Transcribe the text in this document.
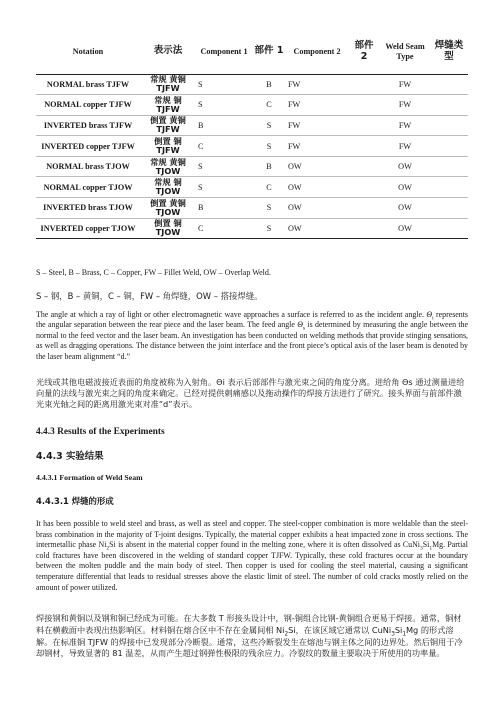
Notation	表示法	Component 1	部件 1	Component 2	部件 2	Weld Seam Type	焊缝类型
NORMAL brass TJFW	常规 黄铜 TJFW	S	B	FW		FW	
NORMAL copper TJFW	常规 铜 TJFW	S	C	FW		FW	
INVERTED brass TJFW	倒置 黄铜 TJFW	B	S	FW		FW	
INVERTED copper TJFW	倒置 铜 TJFW	C	S	FW		FW	
NORMAL brass TJOW	常规 黄铜 TJOW	S	B	OW		OW	
NORMAL copper TJOW	常规 铜 TJOW	S	C	OW		OW	
INVERTED brass TJOW	倒置 黄铜 TJOW	B	S	OW		OW	
INVERTED copper TJOW	倒置 铜 TJOW	C	S	OW		OW	

S – Steel, B – Brass, C – Copper, FW – Fillet Weld, OW – Overlap Weld.

S – 钢，B – 黄铜，C – 铜，FW – 角焊缝，OW – 搭接焊缝。

The angle at which a ray of light or other electromagnetic wave approaches a surface is referred to as the incident angle. $\Theta_i$ represents the angular separation between the rear piece and the laser beam. The feed angle $\Theta_s$ is determined by measuring the angle between the normal to the feed vector and the laser beam. An investigation has been conducted on welding methods that provide stinging sensations, as well as dragging operations. The distance between the joint interface and the front piece’s optical axis of the laser beam is denoted by the laser beam alignment “d.”

光线或其他电磁波接近表面的角度被称为入射角。Θi 表示后部部件与激光束之间的角度分离。进给角 Θs 通过测量进给向量的法线与激光束之间的角度来确定。已经对提供刺痛感以及拖动操作的焊接方法进行了研究。接头界面与前部件激光束光轴之间的距离用激光束对准“d”表示。

4.4.3 Results of the Experiments

4.4.3 实验结果

4.4.3.1 Formation of Weld Seam

4.4.3.1 焊缝的形成

It has been possible to weld steel and brass, as well as steel and copper. The steel-copper combination is more weldable than the steel-brass combination in the majority of T-joint designs. Typically, the material copper exhibits a heat impacted zone in cross sections. The intermetallic phase $Ni_2Si$ is absent in the material copper found in the melting zone, where it is often dissolved as $CuNi_3Si_1Mg$. Partial cold fractures have been discovered in the welding of standard copper TJFW. Typically, these cold fractures occur at the boundary between the molten puddle and the main body of steel. Then copper is used for cooling the steel material, causing a significant temperature differential that leads to residual stresses above the elastic limit of steel. The number of cold cracks mostly relied on the amount of power utilized.

焊接钢和黄铜以及钢和铜已经成为可能。在大多数 T 形接头设计中，钢-铜组合比钢-黄铜组合更易于焊接。通常，铜材料在横截面中表现出热影响区。材料铜在熔合区中不存在金属间相 $Ni_2Si$，在该区域它通常以 $CuNi_3Si_1Mg$ 的形式溶解。在标准铜 TJFW 的焊接中已发现部分冷断裂。通常，这些冷断裂发生在熔池与钢主体之间的边界处。然后铜用于冷却钢材，导致显著的 81 温差，从而产生超过钢弹性极限的残余应力。冷裂纹的数量主要取决于所使用的功率量。
